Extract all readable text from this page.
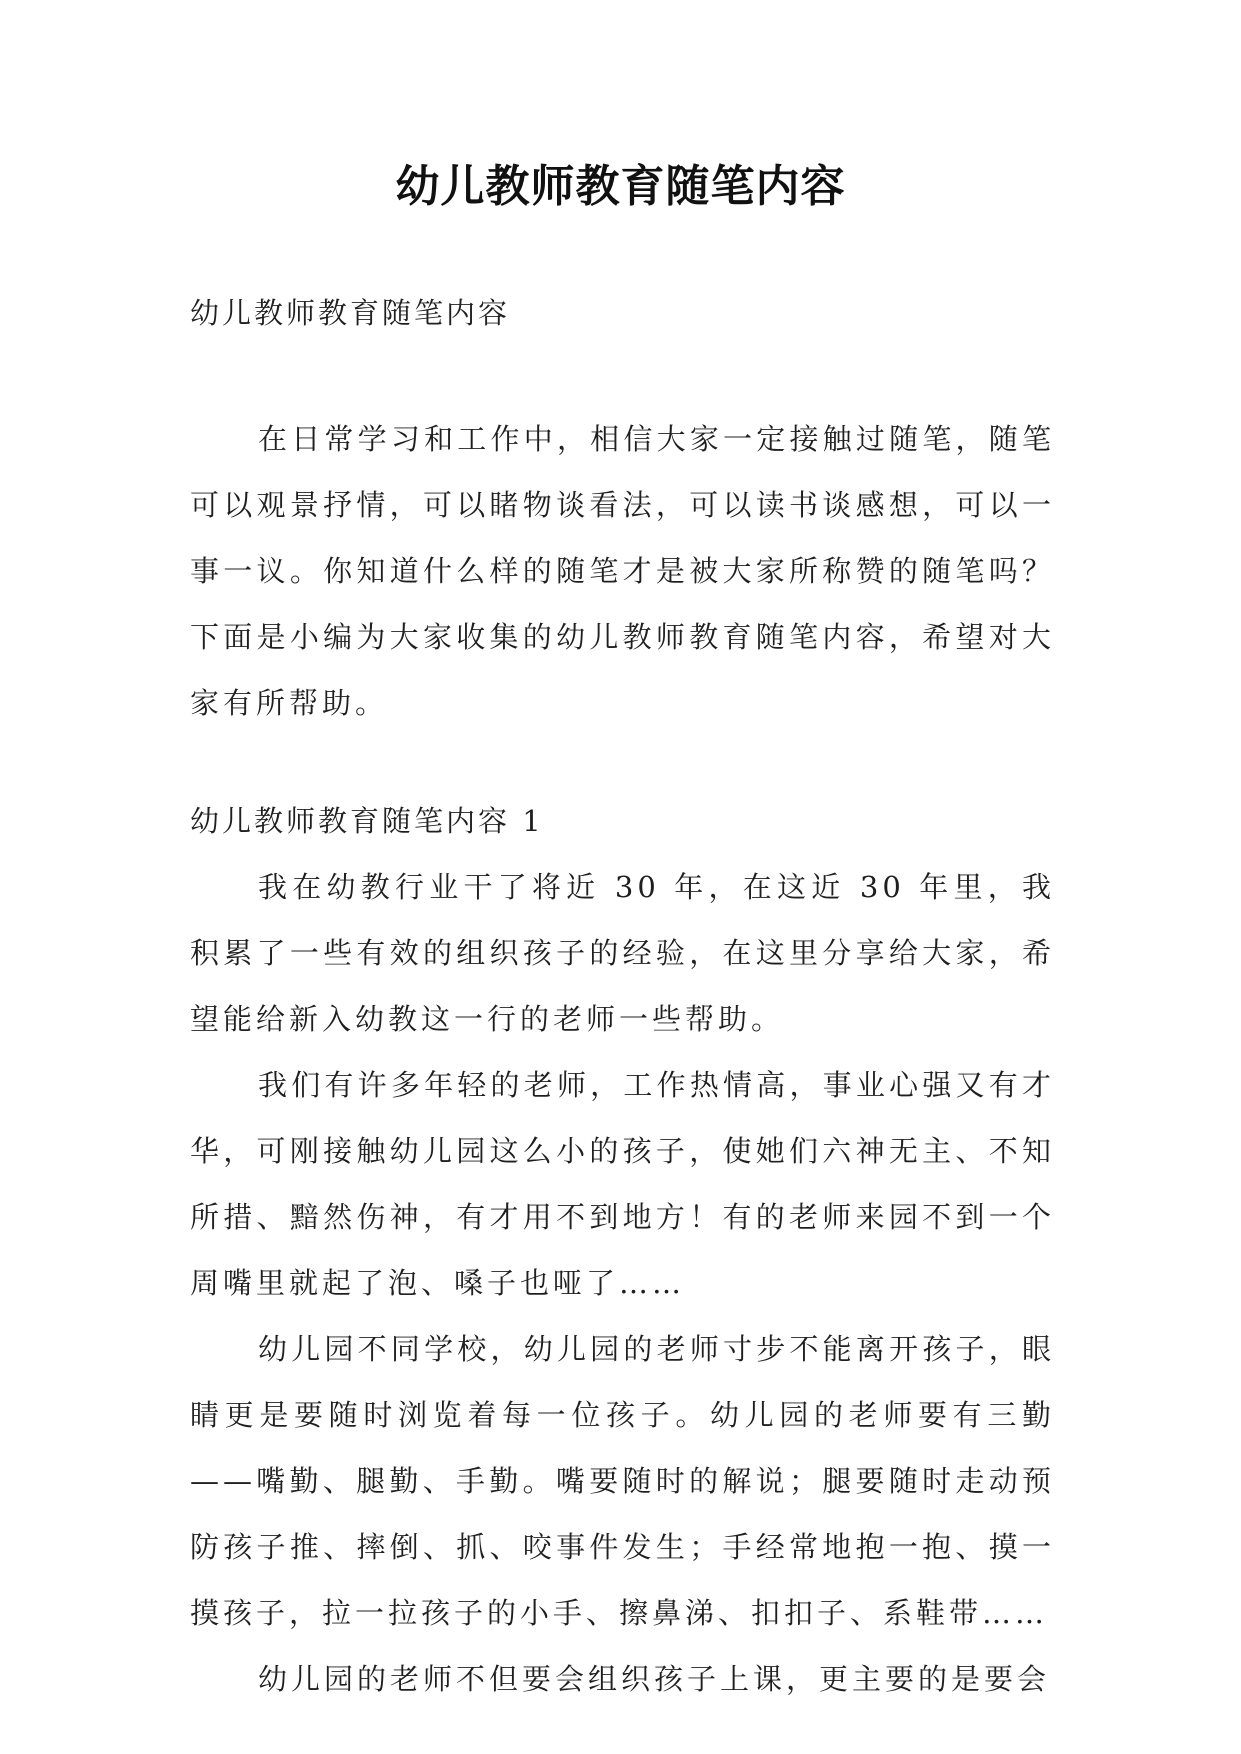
幼儿教师教育随笔内容

幼儿教师教育随笔内容

在日常学习和工作中，相信大家一定接触过随笔，随笔可以观景抒情，可以睹物谈看法，可以读书谈感想，可以一事一议。你知道什么样的随笔才是被大家所称赞的随笔吗？下面是小编为大家收集的幼儿教师教育随笔内容，希望对大家有所帮助。

幼儿教师教育随笔内容 1

我在幼教行业干了将近 30 年，在这近 30 年里，我积累了一些有效的组织孩子的经验，在这里分享给大家，希望能给新入幼教这一行的老师一些帮助。

我们有许多年轻的老师，工作热情高，事业心强又有才华，可刚接触幼儿园这么小的孩子，使她们六神无主、不知所措、黯然伤神，有才用不到地方！有的老师来园不到一个周嘴里就起了泡、嗓子也哑了……

幼儿园不同学校，幼儿园的老师寸步不能离开孩子，眼睛更是要随时浏览着每一位孩子。幼儿园的老师要有三勤——嘴勤、腿勤、手勤。嘴要随时的解说；腿要随时走动预防孩子推、摔倒、抓、咬事件发生；手经常地抱一抱、摸一摸孩子，拉一拉孩子的小手、擦鼻涕、扣扣子、系鞋带……

幼儿园的老师不但要会组织孩子上课，更主要的是要会
